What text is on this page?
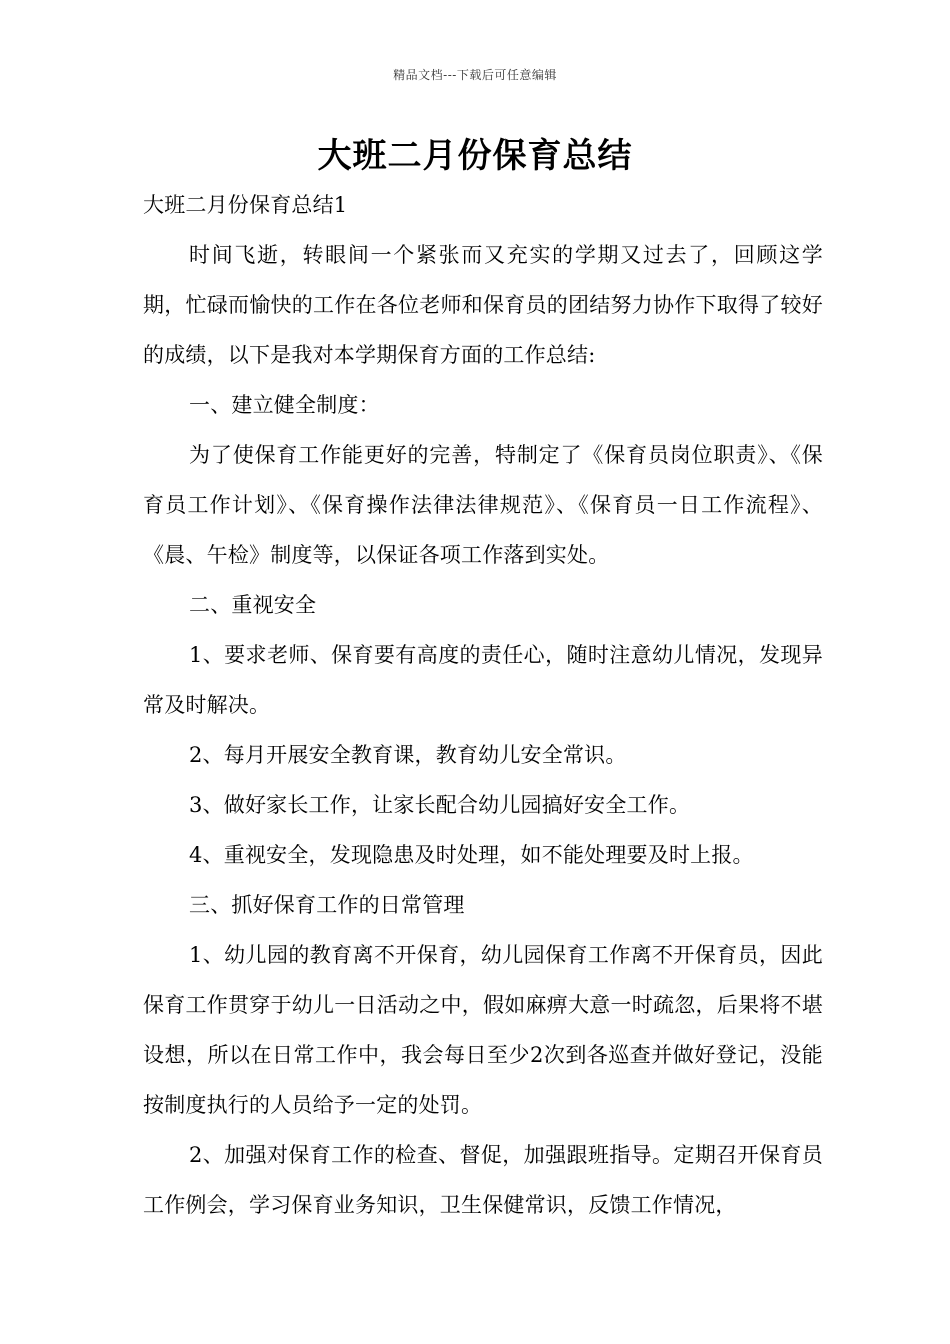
精品文档---下载后可任意编辑
大班二月份保育总结

大班二月份保育总结1

时间飞逝，转眼间一个紧张而又充实的学期又过去了，回顾这学期，忙碌而愉快的工作在各位老师和保育员的团结努力协作下取得了较好的成绩，以下是我对本学期保育方面的工作总结:

一、建立健全制度：

为了使保育工作能更好的完善，特制定了《保育员岗位职责》、《保育员工作计划》、《保育操作法律法律规范》、《保育员一日工作流程》、《晨、午检》制度等，以保证各项工作落到实处。

二、重视安全

1、要求老师、保育要有高度的责任心，随时注意幼儿情况，发现异常及时解决。

2、每月开展安全教育课，教育幼儿安全常识。

3、做好家长工作，让家长配合幼儿园搞好安全工作。

4、重视安全，发现隐患及时处理，如不能处理要及时上报。

三、抓好保育工作的日常管理

1、幼儿园的教育离不开保育，幼儿园保育工作离不开保育员，因此保育工作贯穿于幼儿一日活动之中，假如麻痹大意一时疏忽，后果将不堪设想，所以在日常工作中，我会每日至少2次到各巡查并做好登记，没能按制度执行的人员给予一定的处罚。

2、加强对保育工作的检查、督促，加强跟班指导。定期召开保育员工作例会，学习保育业务知识，卫生保健常识，反馈工作情况，
